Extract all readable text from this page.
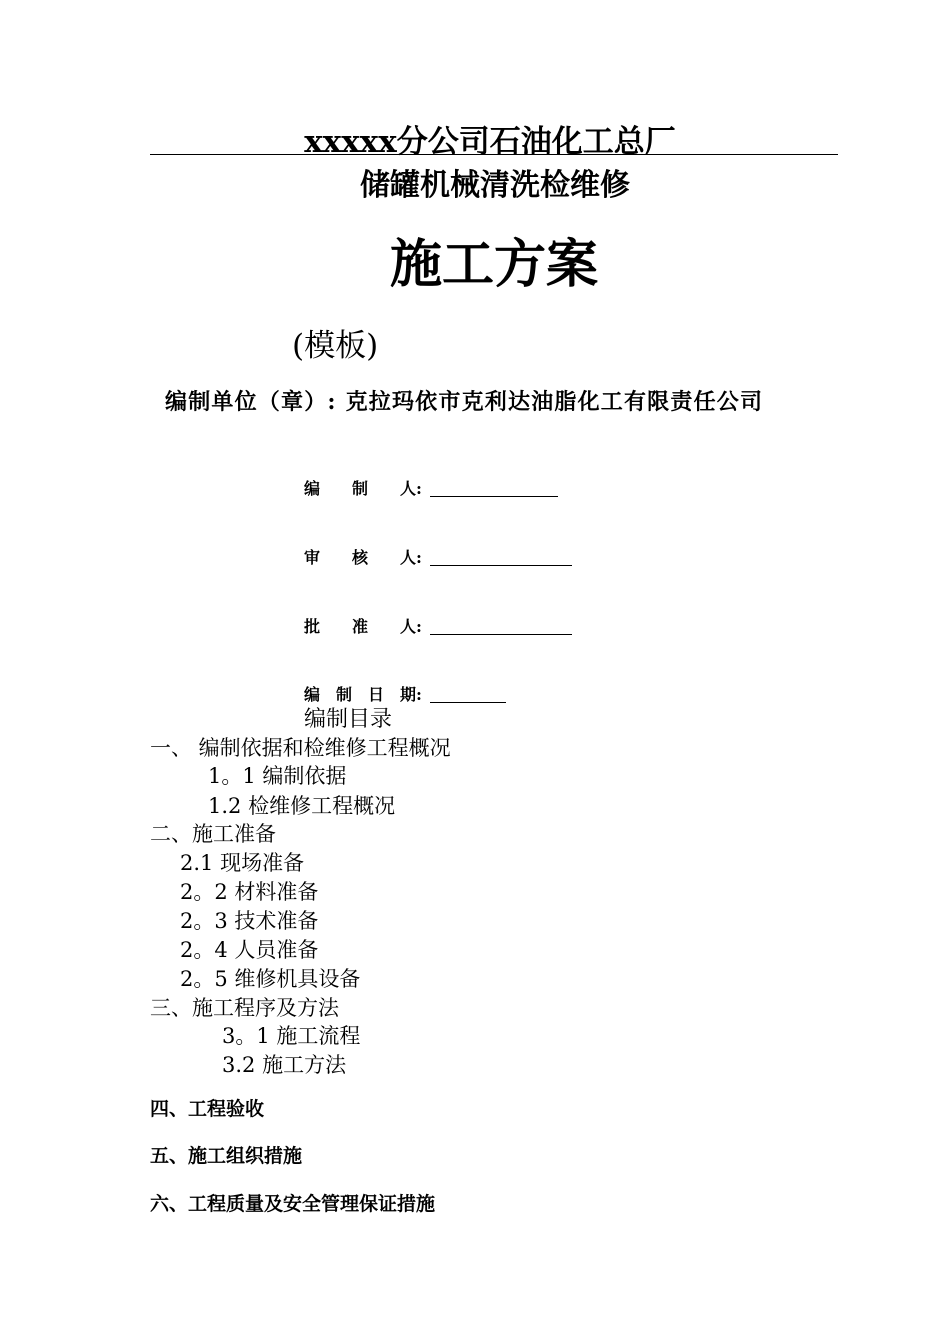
xxxxx分公司石油化工总厂
储罐机械清洗检维修
施工方案
(模板)
编制单位（章）: 克拉玛依市克利达油脂化工有限责任公司
编　　制　　人:
审　　核　　人:
批　　准　　人:
编　制　日　期:
编制目录
一、 编制依据和检维修工程概况
1。1 编制依据
1.2 检维修工程概况
二、施工准备
2.1 现场准备
2。2 材料准备
2。3 技术准备
2。4 人员准备
2。5 维修机具设备
三、施工程序及方法
3。1 施工流程
3.2 施工方法
四、工程验收
五、施工组织措施
六、工程质量及安全管理保证措施
